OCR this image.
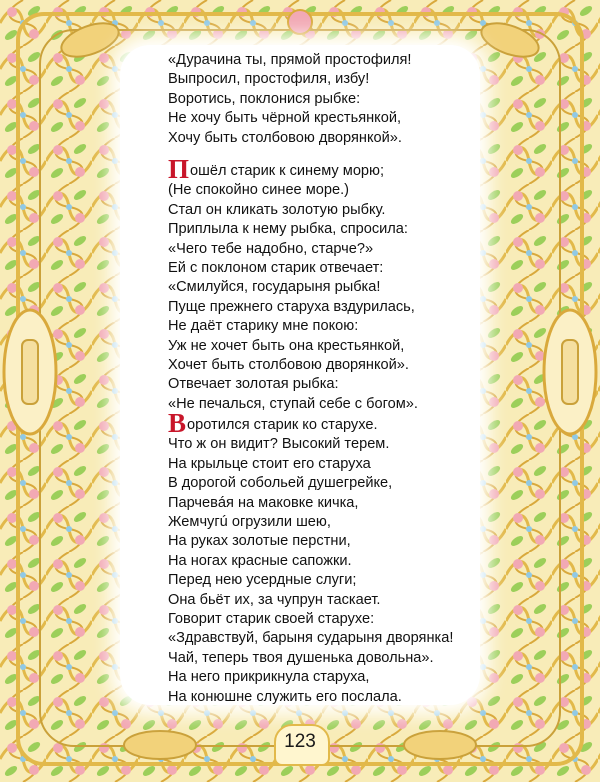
«Дурачина ты, прямой простофиля!
Выпросил, простофиля, избу!
Воротись, поклонися рыбке:
Не хочу быть чёрной крестьянкой,
Хочу быть столбовою дворянкой».
Пошёл старик к синему морю;
(Не спокойно синее море.)
Стал он кликать золотую рыбку.
Приплыла к нему рыбка, спросила:
«Чего тебе надобно, старче?»
Ей с поклоном старик отвечает:
«Смилуйся, государыня рыбка!
Пуще прежнего старуха вздурилась,
Не даёт старику мне покою:
Уж не хочет быть она крестьянкой,
Хочет быть столбовою дворянкой».
Отвечает золотая рыбка:
«Не печалься, ступай себе с богом».
Воротился старик ко старухе.
Что ж он видит? Высокий терем.
На крыльце стоит его старуха
В дорогой собольей душегрейке,
Парчевáя на маковке кичка,
Жемчугú огрузили шею,
На руках золотые перстни,
На ногах красные сапожки.
Перед нею усердные слуги;
Она бьёт их, за чупрун таскает.
Говорит старик своей старухе:
«Здравствуй, барыня сударыня дворянка!
Чай, теперь твоя душенька довольна».
На него прикрикнула старуха,
На конюшне служить его послала.
123
